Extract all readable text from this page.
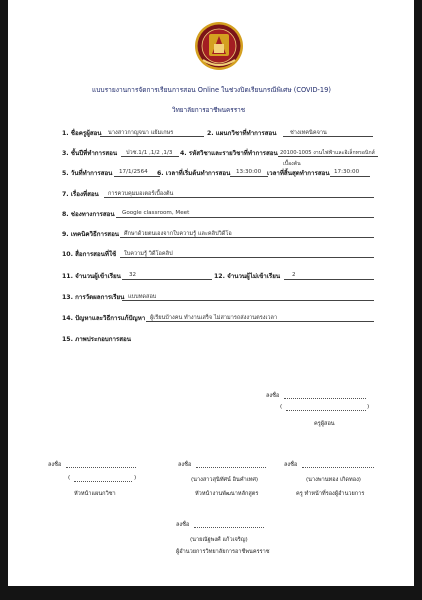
แบบรายงานการจัดการเรียนการสอน Online ในช่วงปิดเรียนกรณีพิเศษ (COVID-19)
วิทยาลัยการอาชีพนครราช
1. ชื่อครูผู้สอน นางสาวกาญจนา แย้มเกษร	2. แผนกวิชาที่ทำการสอน ช่างเทคนิคจาน
3. ชั้นปีที่ทำการสอน ปวช.1/1 ,1/2 ,1/3 4. รหัสวิชาและรายวิชาที่ทำการสอน 20100-1005 งานไฟฟ้าและอิเล็กทรอนิกส์
เบื้องต้น
5. วันที่ทำการสอน 17/1/2564 6. เวลาที่เริ่มต้นทำการสอน 13:30:00 เวลาที่สิ้นสุดทำการสอน 17:30:00
7. เรื่องที่สอน การควบคุมมอเตอร์เบื้องต้น
8. ช่องทางการสอน Google classroom, Meet
9. เทคนิควิธีการสอน ศึกษาด้วยตนเองจากใบความรู้ และคลิปวิดีโอ
10. สื่อการสอนที่ใช้ ใบความรู้ วิดีโอคลิป
11. จำนวนผู้เข้าเรียน 32	12. จำนวนผู้ไม่เข้าเรียน 2
13. การวัดผลการเรียน แบบทดสอบ
14. ปัญหาและวิธีการแก้ปัญหา ผู้เรียนบ้างคน ทำงานเสร็จ ไม่สามารถส่งงานตรงเวลา
15. ภาพประกอบการสอน
ลงชื่อ
(	)
ครูผู้สอน
ลงชื่อ
(	)
หัวหน้าแผนกวิชา
ลงชื่อ
(นางสาวสุนิทัศน์ อินคำเทศ)
หัวหน้างานพัฒนาหลักสูตร
ลงชื่อ
(นางพานทอง เกิดทอง)
ครู ทำหน้าที่รองผู้อำนวยการ
ลงชื่อ
(นายณัฐพงศ์ แก้วเจริญ)
ผู้อำนวยการวิทยาลัยการอาชีพนครราช
